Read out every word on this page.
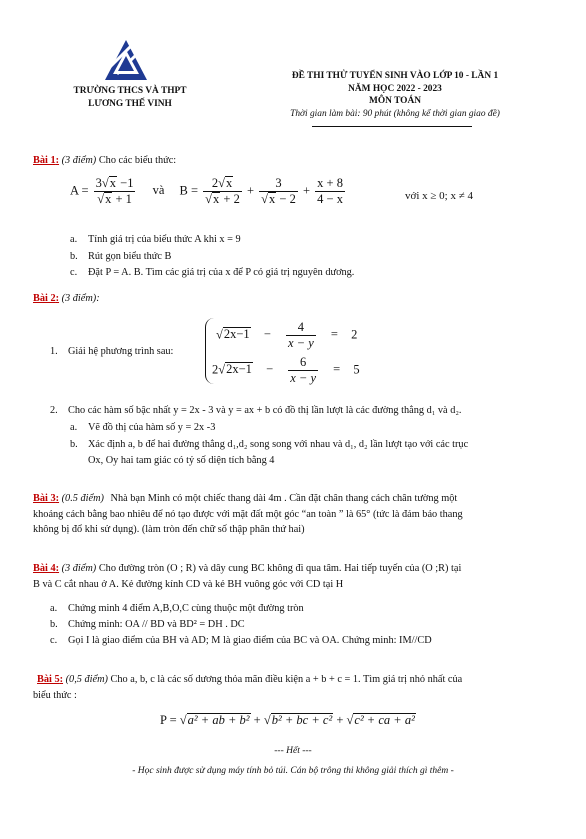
TRƯỜNG THCS VÀ THPT
LƯƠNG THẾ VINH
ĐỀ THI THỬ TUYỂN SINH VÀO LỚP 10 - LẦN 1
NĂM HỌC 2022 - 2023
MÔN TOÁN
Thời gian làm bài: 90 phút (không kể thời gian giao đề)
Bài 1: (3 điểm) Cho các biểu thức:
$A = \frac{3√x -1}{√x + 1}$ và $B = \frac{2√x}{√x + 2} + \frac{3}{√x - 2} + \frac{x + 8}{4 - x}$	với x ≥ 0; x ≠ 4
a. Tính giá trị của biểu thức A khi x = 9
b. Rút gọn biểu thức B
c. Đặt P = A. B. Tìm các giá trị của x để P có giá trị nguyên dương.
Bài 2: (3 điểm):
1. Giải hệ phương trình sau:
$√2x-1 - \frac{4}{x - y} = 2$
$2√2x-1 - \frac{6}{x - y} = 5$
2. Cho các hàm số bậc nhất y = 2x - 3 và y = ax + b có đồ thị lần lượt là các đường thẳng d₁ và d₂.
a. Vẽ đồ thị của hàm số y = 2x -3
b. Xác định a, b để hai đường thẳng d₁,d₂ song song với nhau và d₁, d₂ lần lượt tạo với các trục
Ox, Oy hai tam giác có tỷ số diện tích bằng 4
Bài 3: (0.5 điểm) Nhà bạn Minh có một chiếc thang dài 4m . Cần đặt chân thang cách chân tường một
khoảng cách bằng bao nhiêu để nó tạo được với mặt đất một góc “an toàn ” là 65° (tức là đảm bảo thang
không bị đổ khi sử dụng). (làm tròn đến chữ số thập phân thứ hai)
Bài 4: (3 điểm) Cho đường tròn (O ; R) và dây cung BC không đi qua tâm. Hai tiếp tuyến của (O ;R) tại
B và C cắt nhau ở A. Kẻ đường kính CD và kẻ BH vuông góc với CD tại H
a. Chứng minh 4 điểm A,B,O,C cùng thuộc một đường tròn
b. Chứng minh: OA // BD và BD² = DH . DC
c. Gọi I là giao điểm của BH và AD; M là giao điểm của BC và OA. Chứng minh: IM//CD
Bài 5: (0,5 điểm) Cho a, b, c là các số dương thỏa mãn điều kiện a + b + c = 1. Tìm giá trị nhỏ nhất của
biểu thức :
P = √a² + ab + b² + √b² + bc + c² + √c² + ca + a²
--- Hết ---
- Học sinh được sử dụng máy tính bỏ túi. Cán bộ trông thi không giải thích gì thêm -
